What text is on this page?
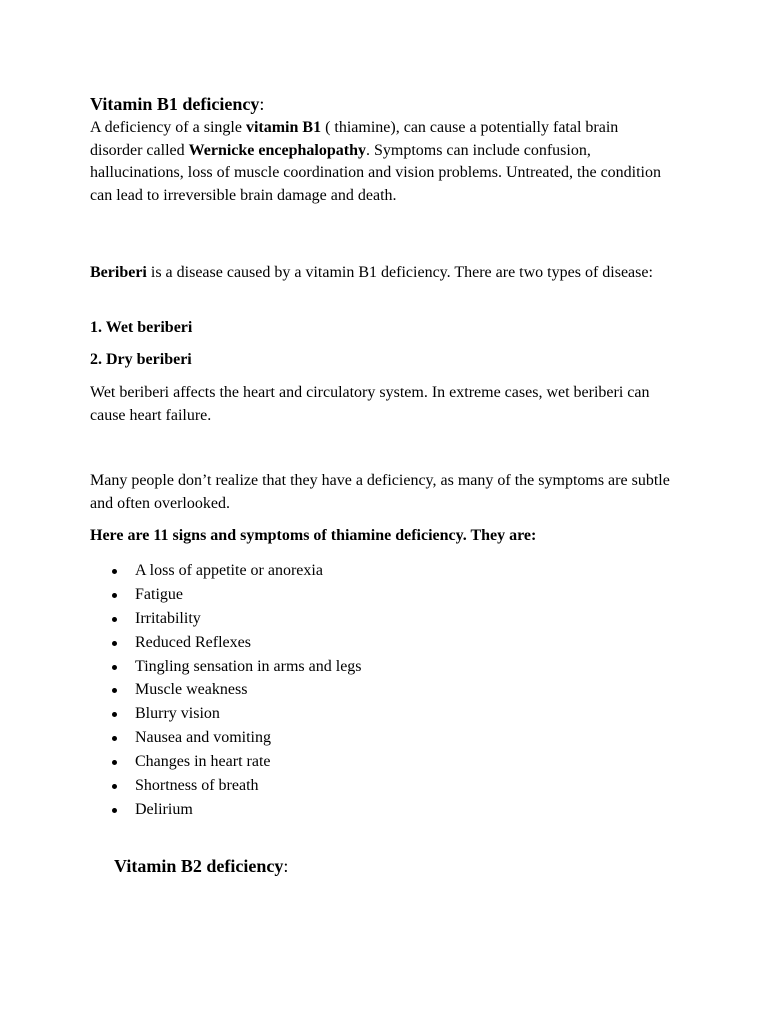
Vitamin B1 deficiency:

A deficiency of a single vitamin B1 ( thiamine), can cause a potentially fatal brain disorder called Wernicke encephalopathy. Symptoms can include confusion, hallucinations, loss of muscle coordination and vision problems. Untreated, the condition can lead to irreversible brain damage and death.

Beriberi is a disease caused by a vitamin B1 deficiency. There are two types of disease:

1. Wet beriberi
2. Dry beriberi

Wet beriberi affects the heart and circulatory system. In extreme cases, wet beriberi can cause heart failure.

Many people don’t realize that they have a deficiency, as many of the symptoms are subtle and often overlooked.

Here are 11 signs and symptoms of thiamine deficiency. They are:
A loss of appetite or anorexia
Fatigue
Irritability
Reduced Reflexes
Tingling sensation in arms and legs
Muscle weakness
Blurry vision
Nausea and vomiting
Changes in heart rate
Shortness of breath
Delirium
Vitamin B2 deficiency:
